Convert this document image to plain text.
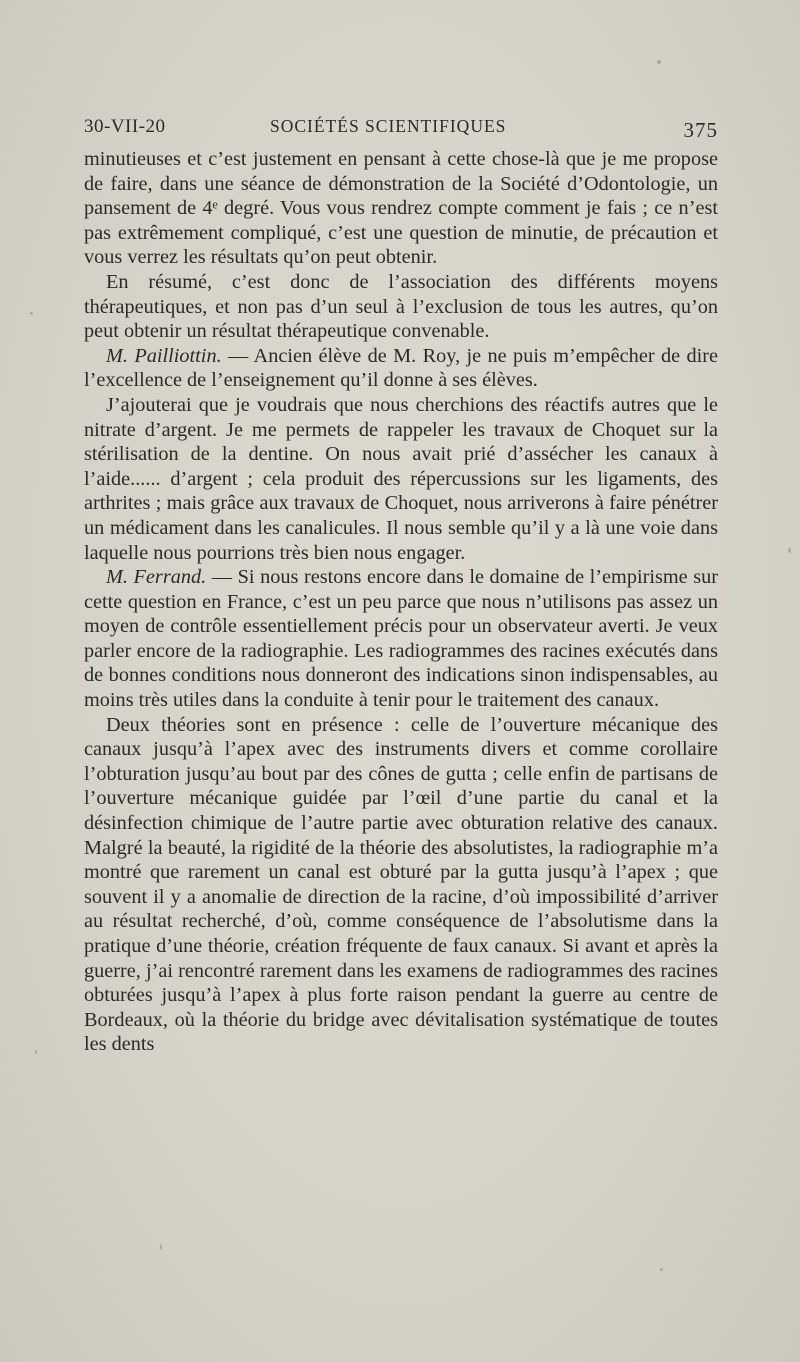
30-VII-20	SOCIÉTÉS SCIENTIFIQUES	375

minutieuses et c’est justement en pensant à cette chose-là que je me propose de faire, dans une séance de démonstration de la Société d’Odontologie, un pansement de 4ᵉ degré. Vous vous rendrez compte comment je fais ; ce n’est pas extrêmement compliqué, c’est une question de minutie, de précaution et vous verrez les résultats qu’on peut obtenir.

En résumé, c’est donc de l’association des différents moyens thérapeutiques, et non pas d’un seul à l’exclusion de tous les autres, qu’on peut obtenir un résultat thérapeutique convenable.

M. Pailliottin. — Ancien élève de M. Roy, je ne puis m’empêcher de dire l’excellence de l’enseignement qu’il donne à ses élèves.

J’ajouterai que je voudrais que nous cherchions des réactifs autres que le nitrate d’argent. Je me permets de rappeler les travaux de Choquet sur la stérilisation de la dentine. On nous avait prié d’assécher les canaux à l’aide...... d’argent ; cela produit des répercussions sur les ligaments, des arthrites ; mais grâce aux travaux de Choquet, nous arriverons à faire pénétrer un médicament dans les canalicules. Il nous semble qu’il y a là une voie dans laquelle nous pourrions très bien nous engager.

M. Ferrand. — Si nous restons encore dans le domaine de l’empirisme sur cette question en France, c’est un peu parce que nous n’utilisons pas assez un moyen de contrôle essentiellement précis pour un observateur averti. Je veux parler encore de la radiographie. Les radiogrammes des racines exécutés dans de bonnes conditions nous donneront des indications sinon indispensables, au moins très utiles dans la conduite à tenir pour le traitement des canaux.

Deux théories sont en présence : celle de l’ouverture mécanique des canaux jusqu’à l’apex avec des instruments divers et comme corollaire l’obturation jusqu’au bout par des cônes de gutta ; celle enfin de partisans de l’ouverture mécanique guidée par l’œil d’une partie du canal et la désinfection chimique de l’autre partie avec obturation relative des canaux. Malgré la beauté, la rigidité de la théorie des absolutistes, la radiographie m’a montré que rarement un canal est obturé par la gutta jusqu’à l’apex ; que souvent il y a anomalie de direction de la racine, d’où impossibilité d’arriver au résultat recherché, d’où, comme conséquence de l’absolutisme dans la pratique d’une théorie, création fréquente de faux canaux. Si avant et après la guerre, j’ai rencontré rarement dans les examens de radiogrammes des racines obturées jusqu’à l’apex à plus forte raison pendant la guerre au centre de Bordeaux, où la théorie du bridge avec dévitalisation systématique de toutes les dents
